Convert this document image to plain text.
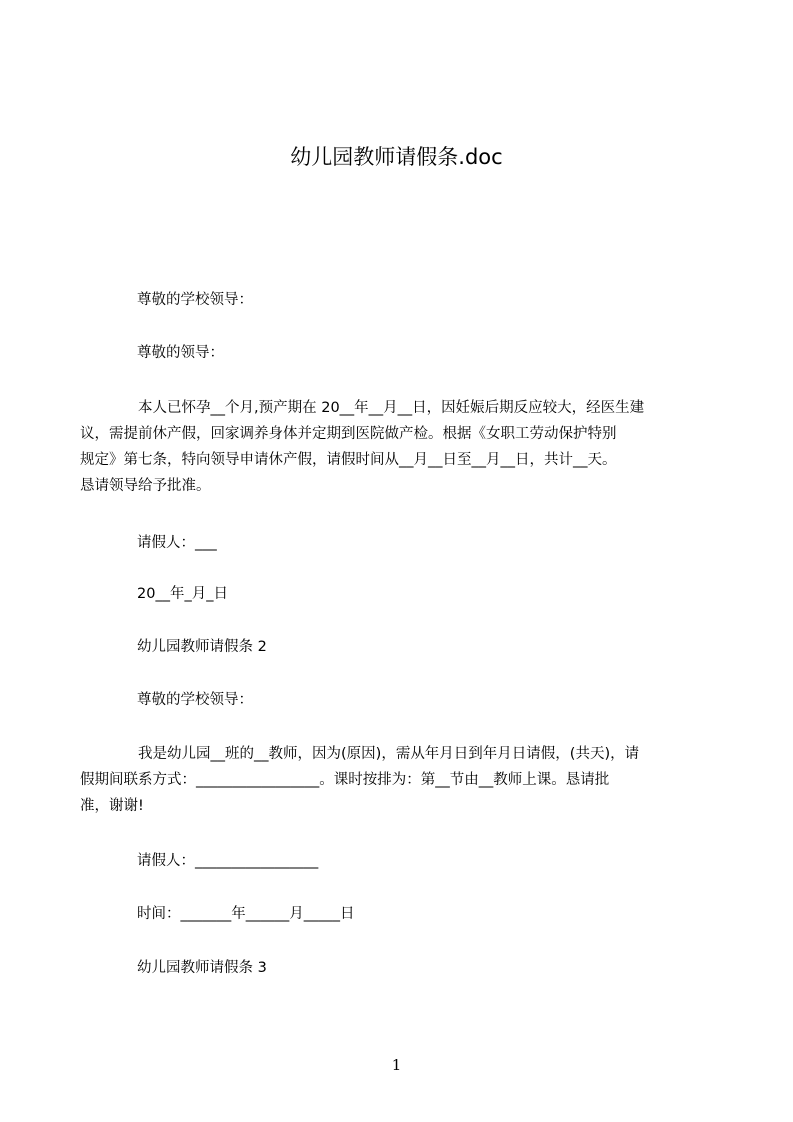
幼儿园教师请假条.doc
尊敬的学校领导：
尊敬的领导：
本人已怀孕__个月,预产期在 20__年__月__日，因妊娠后期反应较大，经医生建
议，需提前休产假，回家调养身体并定期到医院做产检。根据《女职工劳动保护特别
规定》第七条，特向领导申请休产假，请假时间从__月__日至__月__日，共计__天。
恳请领导给予批准。
请假人：___
20__年_月_日
幼儿园教师请假条 2
尊敬的学校领导：
我是幼儿园__班的__教师，因为(原因)，需从年月日到年月日请假，(共天)，请
假期间联系方式：_________________。课时按排为：第__节由__教师上课。恳请批
准，谢谢!
请假人：_________________
时间：_______年______月_____日
幼儿园教师请假条 3
1
